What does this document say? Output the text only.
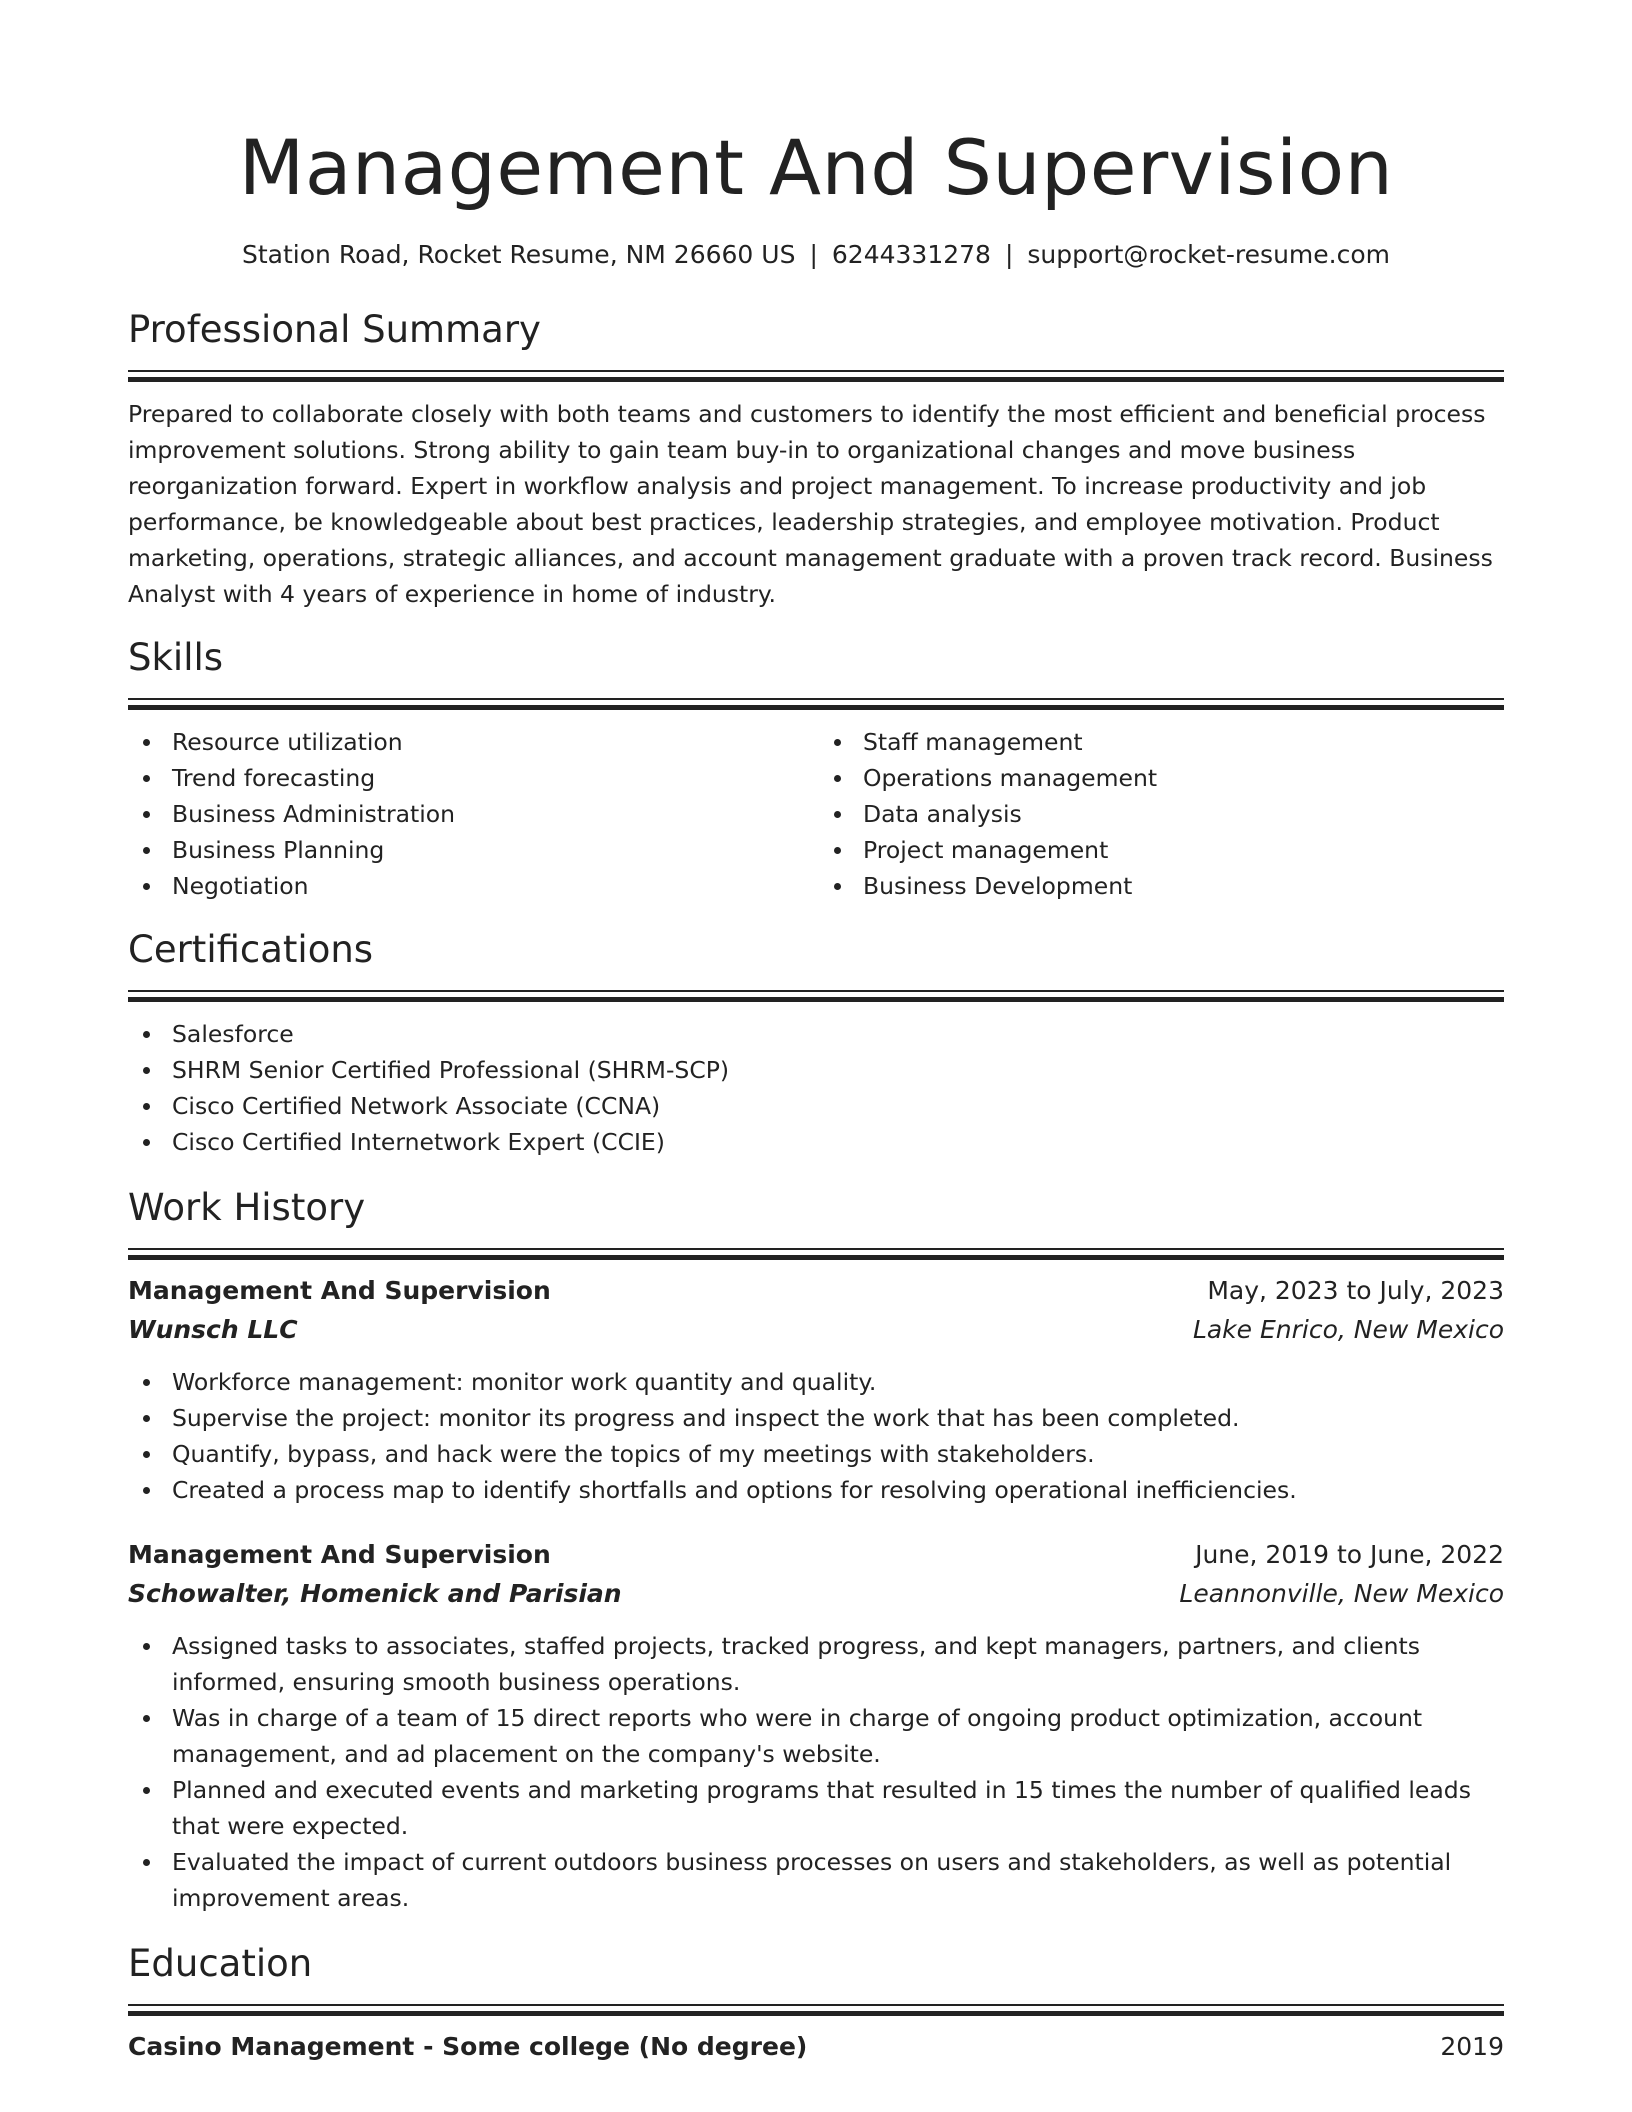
Management And Supervision
Station Road, Rocket Resume, NM 26660 US | 6244331278 | support@rocket-resume.com
Professional Summary

Prepared to collaborate closely with both teams and customers to identify the most efficient and beneficial process improvement solutions. Strong ability to gain team buy-in to organizational changes and move business reorganization forward. Expert in workflow analysis and project management. To increase productivity and job performance, be knowledgeable about best practices, leadership strategies, and employee motivation. Product marketing, operations, strategic alliances, and account management graduate with a proven track record. Business Analyst with 4 years of experience in home of industry.

Skills
Resource utilization
Trend forecasting
Business Administration
Business Planning
Negotiation
Staff management
Operations management
Data analysis
Project management
Business Development
Certifications
Salesforce
SHRM Senior Certified Professional (SHRM-SCP)
Cisco Certified Network Associate (CCNA)
Cisco Certified Internetwork Expert (CCIE)
Work History
Management And Supervision	May, 2023 to July, 2023
Wunsch LLC	Lake Enrico, New Mexico
Workforce management: monitor work quantity and quality.
Supervise the project: monitor its progress and inspect the work that has been completed.
Quantify, bypass, and hack were the topics of my meetings with stakeholders.
Created a process map to identify shortfalls and options for resolving operational inefficiencies.
Management And Supervision	June, 2019 to June, 2022
Schowalter, Homenick and Parisian	Leannonville, New Mexico
Assigned tasks to associates, staffed projects, tracked progress, and kept managers, partners, and clients informed, ensuring smooth business operations.
Was in charge of a team of 15 direct reports who were in charge of ongoing product optimization, account management, and ad placement on the company's website.
Planned and executed events and marketing programs that resulted in 15 times the number of qualified leads that were expected.
Evaluated the impact of current outdoors business processes on users and stakeholders, as well as potential improvement areas.
Education
Casino Management - Some college (No degree)	2019
